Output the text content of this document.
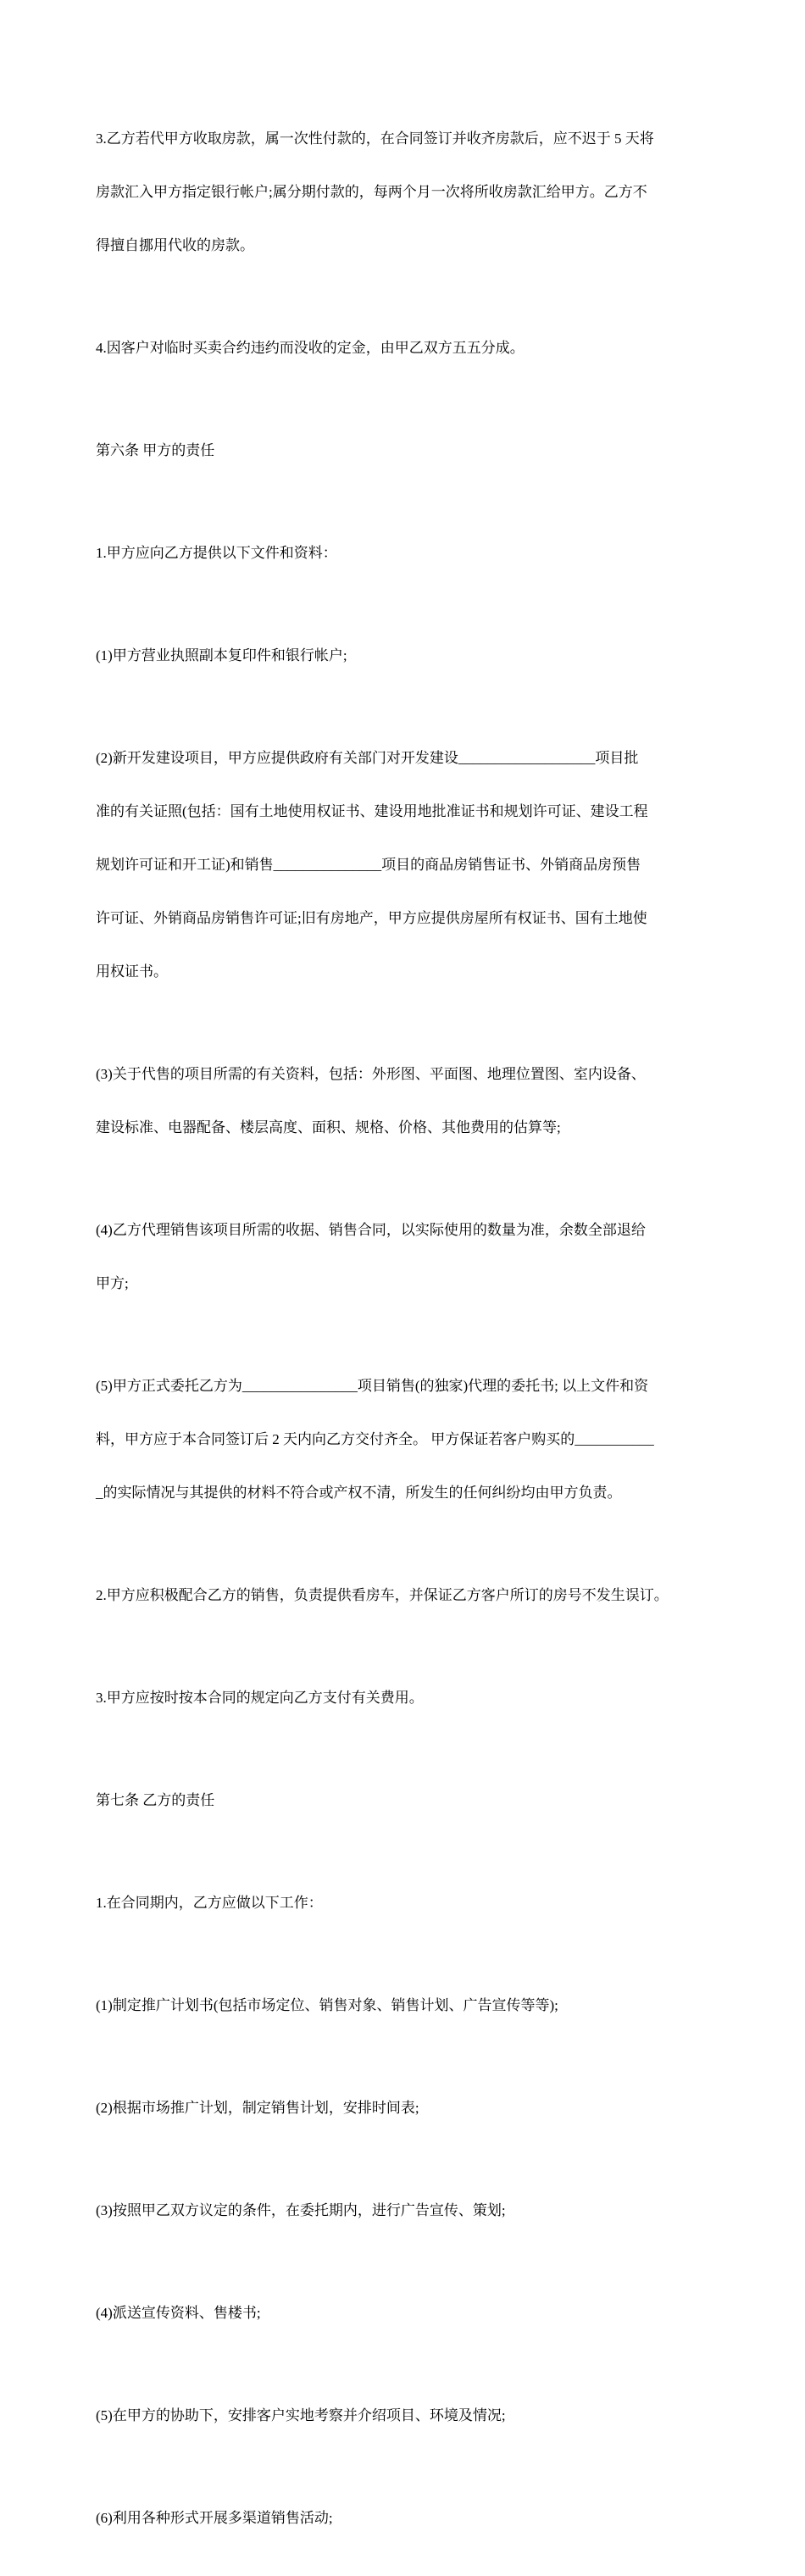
3.乙方若代甲方收取房款，属一次性付款的，在合同签订并收齐房款后，应不迟于 5 天将

房款汇入甲方指定银行帐户;属分期付款的，每两个月一次将所收房款汇给甲方。乙方不

得擅自挪用代收的房款。

4.因客户对临时买卖合约违约而没收的定金，由甲乙双方五五分成。

第六条 甲方的责任

1.甲方应向乙方提供以下文件和资料：

(1)甲方营业执照副本复印件和银行帐户;

(2)新开发建设项目，甲方应提供政府有关部门对开发建设___________________项目批

准的有关证照(包括：国有土地使用权证书、建设用地批准证书和规划许可证、建设工程

规划许可证和开工证)和销售_______________项目的商品房销售证书、外销商品房预售

许可证、外销商品房销售许可证;旧有房地产，甲方应提供房屋所有权证书、国有土地使

用权证书。

(3)关于代售的项目所需的有关资料，包括：外形图、平面图、地理位置图、室内设备、

建设标准、电器配备、楼层高度、面积、规格、价格、其他费用的估算等;

(4)乙方代理销售该项目所需的收据、销售合同，以实际使用的数量为准，余数全部退给

甲方;

(5)甲方正式委托乙方为________________项目销售(的独家)代理的委托书; 以上文件和资

料，甲方应于本合同签订后 2 天内向乙方交付齐全。 甲方保证若客户购买的___________

_的实际情况与其提供的材料不符合或产权不清，所发生的任何纠纷均由甲方负责。

2.甲方应积极配合乙方的销售，负责提供看房车，并保证乙方客户所订的房号不发生误订。

3.甲方应按时按本合同的规定向乙方支付有关费用。

第七条 乙方的责任

1.在合同期内，乙方应做以下工作：

(1)制定推广计划书(包括市场定位、销售对象、销售计划、广告宣传等等);

(2)根据市场推广计划，制定销售计划，安排时间表;

(3)按照甲乙双方议定的条件，在委托期内，进行广告宣传、策划;

(4)派送宣传资料、售楼书;

(5)在甲方的协助下，安排客户实地考察并介绍项目、环境及情况;

(6)利用各种形式开展多渠道销售活动;
